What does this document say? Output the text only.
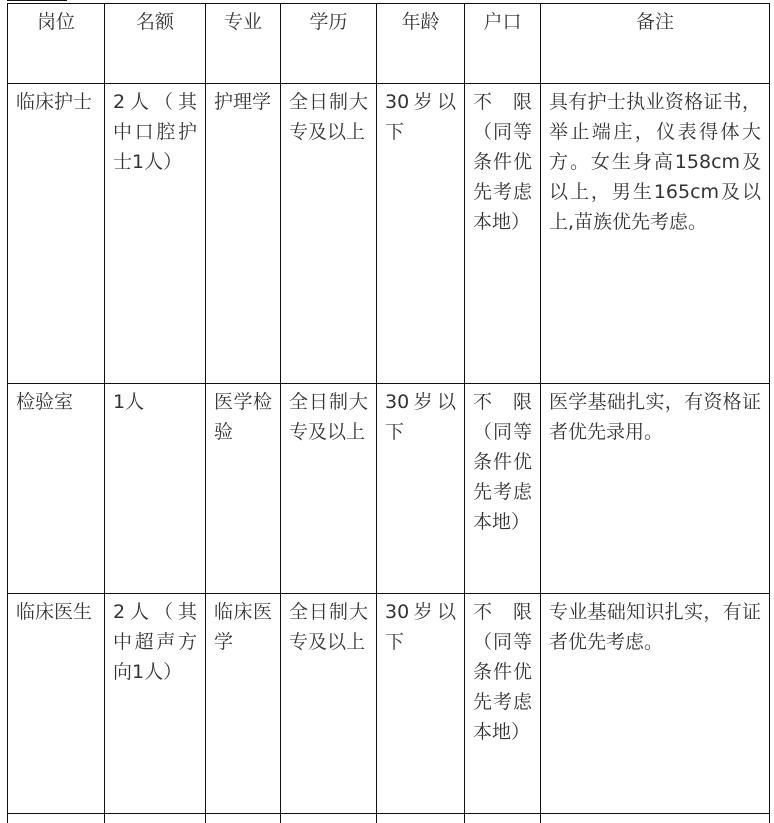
岗位	名额	专业	学历	年龄	户口	备注

临床护士	2人（其中口腔护士1人）	护理学	全日制大专及以上	30岁以下	不限（同等条件优先考虑本地）	具有护士执业资格证书，举止端庄，仪表得体大方。女生身高158cm及以上，男生165cm及以上,苗族优先考虑。

检验室	1人	医学检验	全日制大专及以上	30岁以下	不限（同等条件优先考虑本地）	医学基础扎实，有资格证者优先录用。

临床医生	2人（其中超声方向1人）	临床医学	全日制大专及以上	30岁以下	不限（同等条件优先考虑本地）	专业基础知识扎实，有证者优先考虑。
